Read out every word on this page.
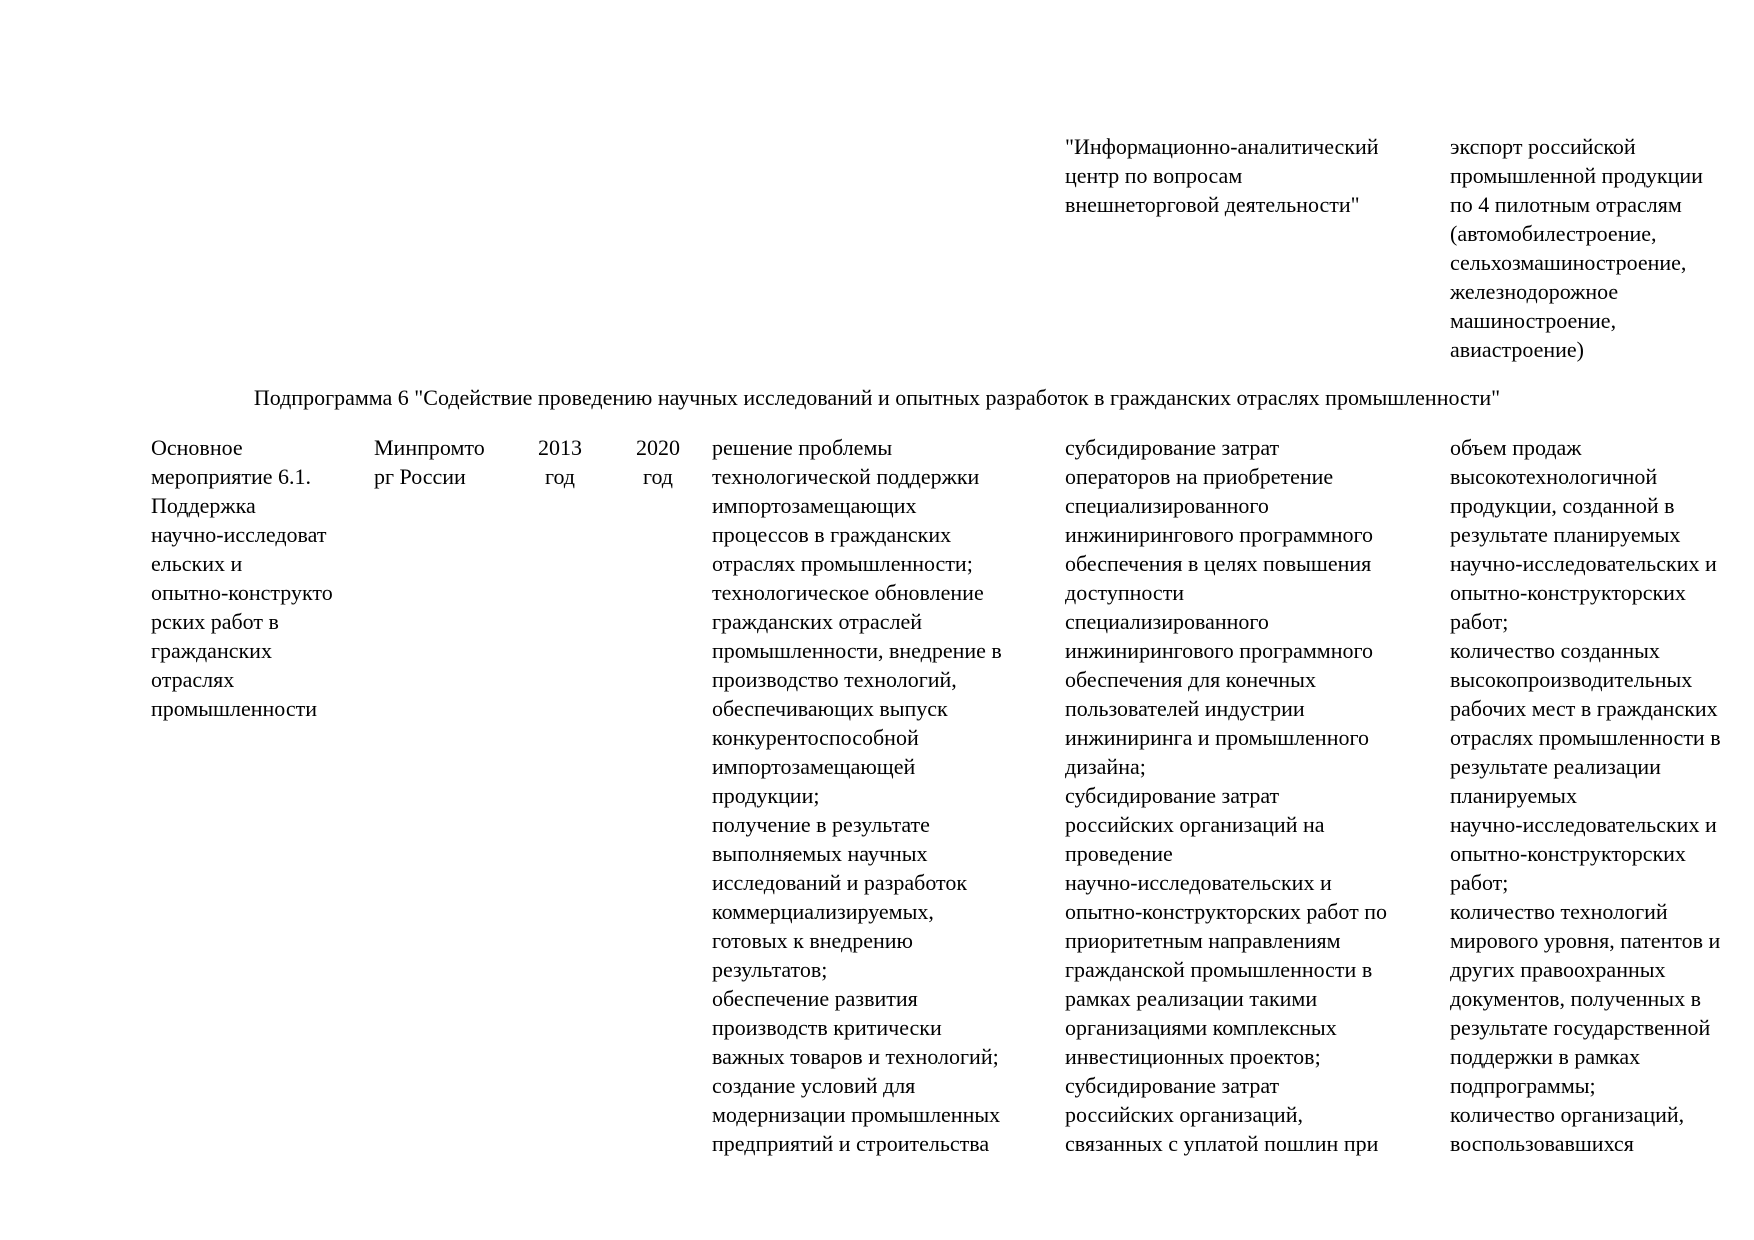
"Информационно-аналитический
центр по вопросам
внешнеторговой деятельности"
экспорт российской
промышленной продукции
по 4 пилотным отраслям
(автомобилестроение,
сельхозмашиностроение,
железнодорожное
машиностроение,
авиастроение)
Подпрограмма 6 "Содействие проведению научных исследований и опытных разработок в гражданских отраслях промышленности"
Основное
мероприятие 6.1.
Поддержка
научно-исследоват
ельских и
опытно-конструкто
рских работ в
гражданских
отраслях
промышленности
Минпромто
рг России
2013
год
2020
год
решение проблемы
технологической поддержки
импортозамещающих
процессов в гражданских
отраслях промышленности;
технологическое обновление
гражданских отраслей
промышленности, внедрение в
производство технологий,
обеспечивающих выпуск
конкурентоспособной
импортозамещающей
продукции;
получение в результате
выполняемых научных
исследований и разработок
коммерциализируемых,
готовых к внедрению
результатов;
обеспечение развития
производств критически
важных товаров и технологий;
создание условий для
модернизации промышленных
предприятий и строительства
субсидирование затрат
операторов на приобретение
специализированного
инжинирингового программного
обеспечения в целях повышения
доступности
специализированного
инжинирингового программного
обеспечения для конечных
пользователей индустрии
инжиниринга и промышленного
дизайна;
субсидирование затрат
российских организаций на
проведение
научно-исследовательских и
опытно-конструкторских работ по
приоритетным направлениям
гражданской промышленности в
рамках реализации такими
организациями комплексных
инвестиционных проектов;
субсидирование затрат
российских организаций,
связанных с уплатой пошлин при
объем продаж
высокотехнологичной
продукции, созданной в
результате планируемых
научно-исследовательских и
опытно-конструкторских
работ;
количество созданных
высокопроизводительных
рабочих мест в гражданских
отраслях промышленности в
результате реализации
планируемых
научно-исследовательских и
опытно-конструкторских
работ;
количество технологий
мирового уровня, патентов и
других правоохранных
документов, полученных в
результате государственной
поддержки в рамках
подпрограммы;
количество организаций,
воспользовавшихся
